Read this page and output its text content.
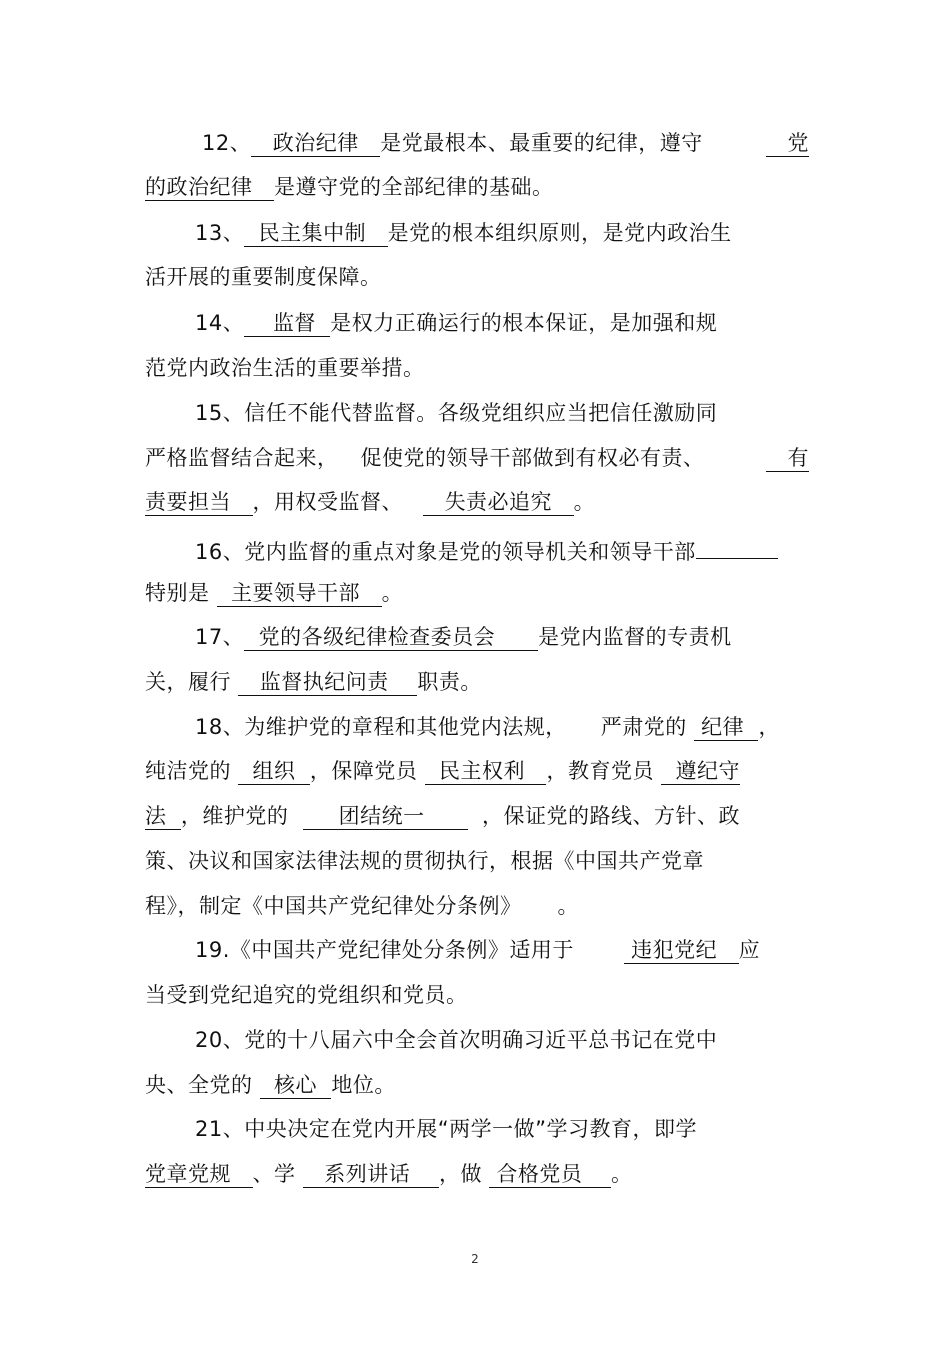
12、 政治纪律 是党最根本、最重要的纪律，遵守	党
的政治纪律 是遵守党的全部纪律的基础。
13、 民主集中制 是党的根本组织原则，是党内政治生
活开展的重要制度保障。
14、 监督 是权力正确运行的根本保证，是加强和规
范党内政治生活的重要举措。
15、信任不能代替监督。各级党组织应当把信任激励同
严格监督结合起来， 促使党的领导干部做到有权必有责、	有
责要担当 ，用权受监督、 失责必追究 。
16、党内监督的重点对象是党的领导机关和领导干部
特别是 主要领导干部 。
17、 党的各级纪律检查委员会 是党内监督的专责机
关，履行 监督执纪问责 职责。
18、为维护党的章程和其他党内法规， 严肃党的 纪律 ，
纯洁党的 组织 ，保障党员 民主权利 ，教育党员 遵纪守
法 ，维护党的 团结统一	，保证党的路线、方针、政
策、决议和国家法律法规的贯彻执行，根据《中国共产党章
程》，制定《中国共产党纪律处分条例》 。
19.《中国共产党纪律处分条例》适用于	违犯党纪 应
当受到党纪追究的党组织和党员。
20、党的十八届六中全会首次明确习近平总书记在党中
央、全党的 核心 地位。
21、中央决定在党内开展“两学一做”学习教育，即学
党章党规 、学 系列讲话 ，做 合格党员 。
2
